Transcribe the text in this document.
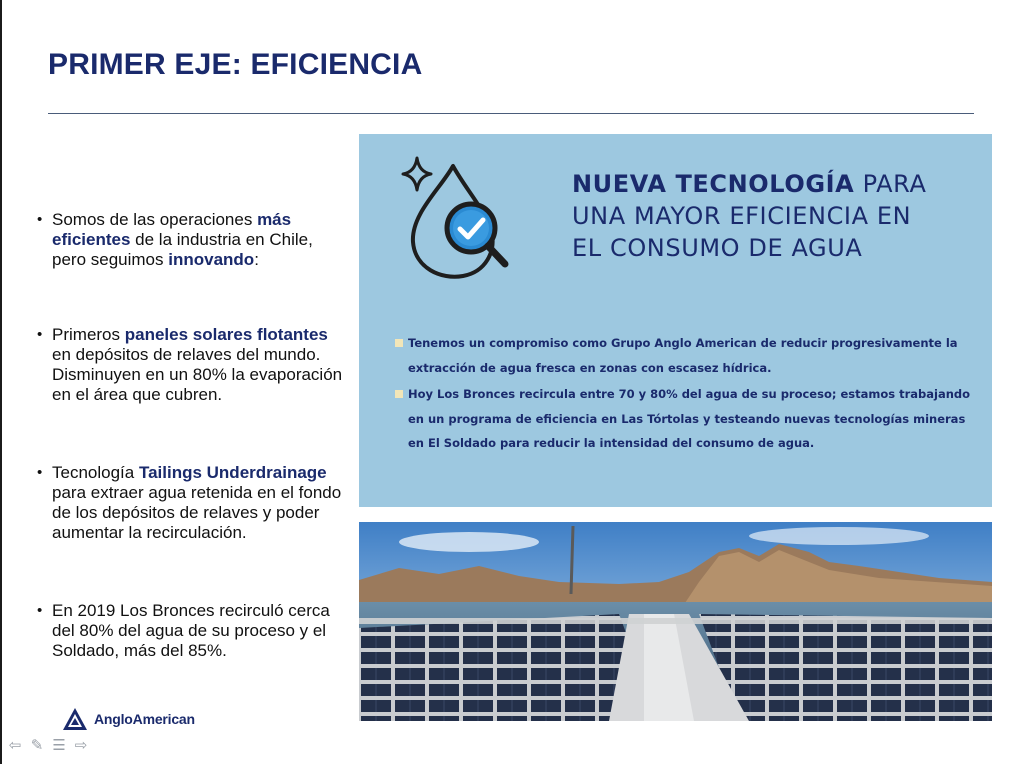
PRIMER EJE: EFICIENCIA
• Somos de las operaciones más eficientes de la industria en Chile, pero seguimos innovando:
• Primeros paneles solares flotantes en depósitos de relaves del mundo. Disminuyen en un 80% la evaporación en el área que cubren.
• Tecnología Tailings Underdrainage para extraer agua retenida en el fondo de los depósitos de relaves y poder aumentar la recirculación.
• En 2019 Los Bronces recirculó cerca del 80% del agua de su proceso y el Soldado, más del 85%.
AngloAmerican
⇦ ✎ ☰ ⇨
NUEVA TECNOLOGÍA PARA
UNA MAYOR EFICIENCIA EN
EL CONSUMO DE AGUA
Tenemos un compromiso como Grupo Anglo American de reducir progresivamente la extracción de agua fresca en zonas con escasez hídrica.
Hoy Los Bronces recircula entre 70 y 80% del agua de su proceso; estamos trabajando en un programa de eficiencia en Las Tórtolas y testeando nuevas tecnologías mineras en El Soldado para reducir la intensidad del consumo de agua.
